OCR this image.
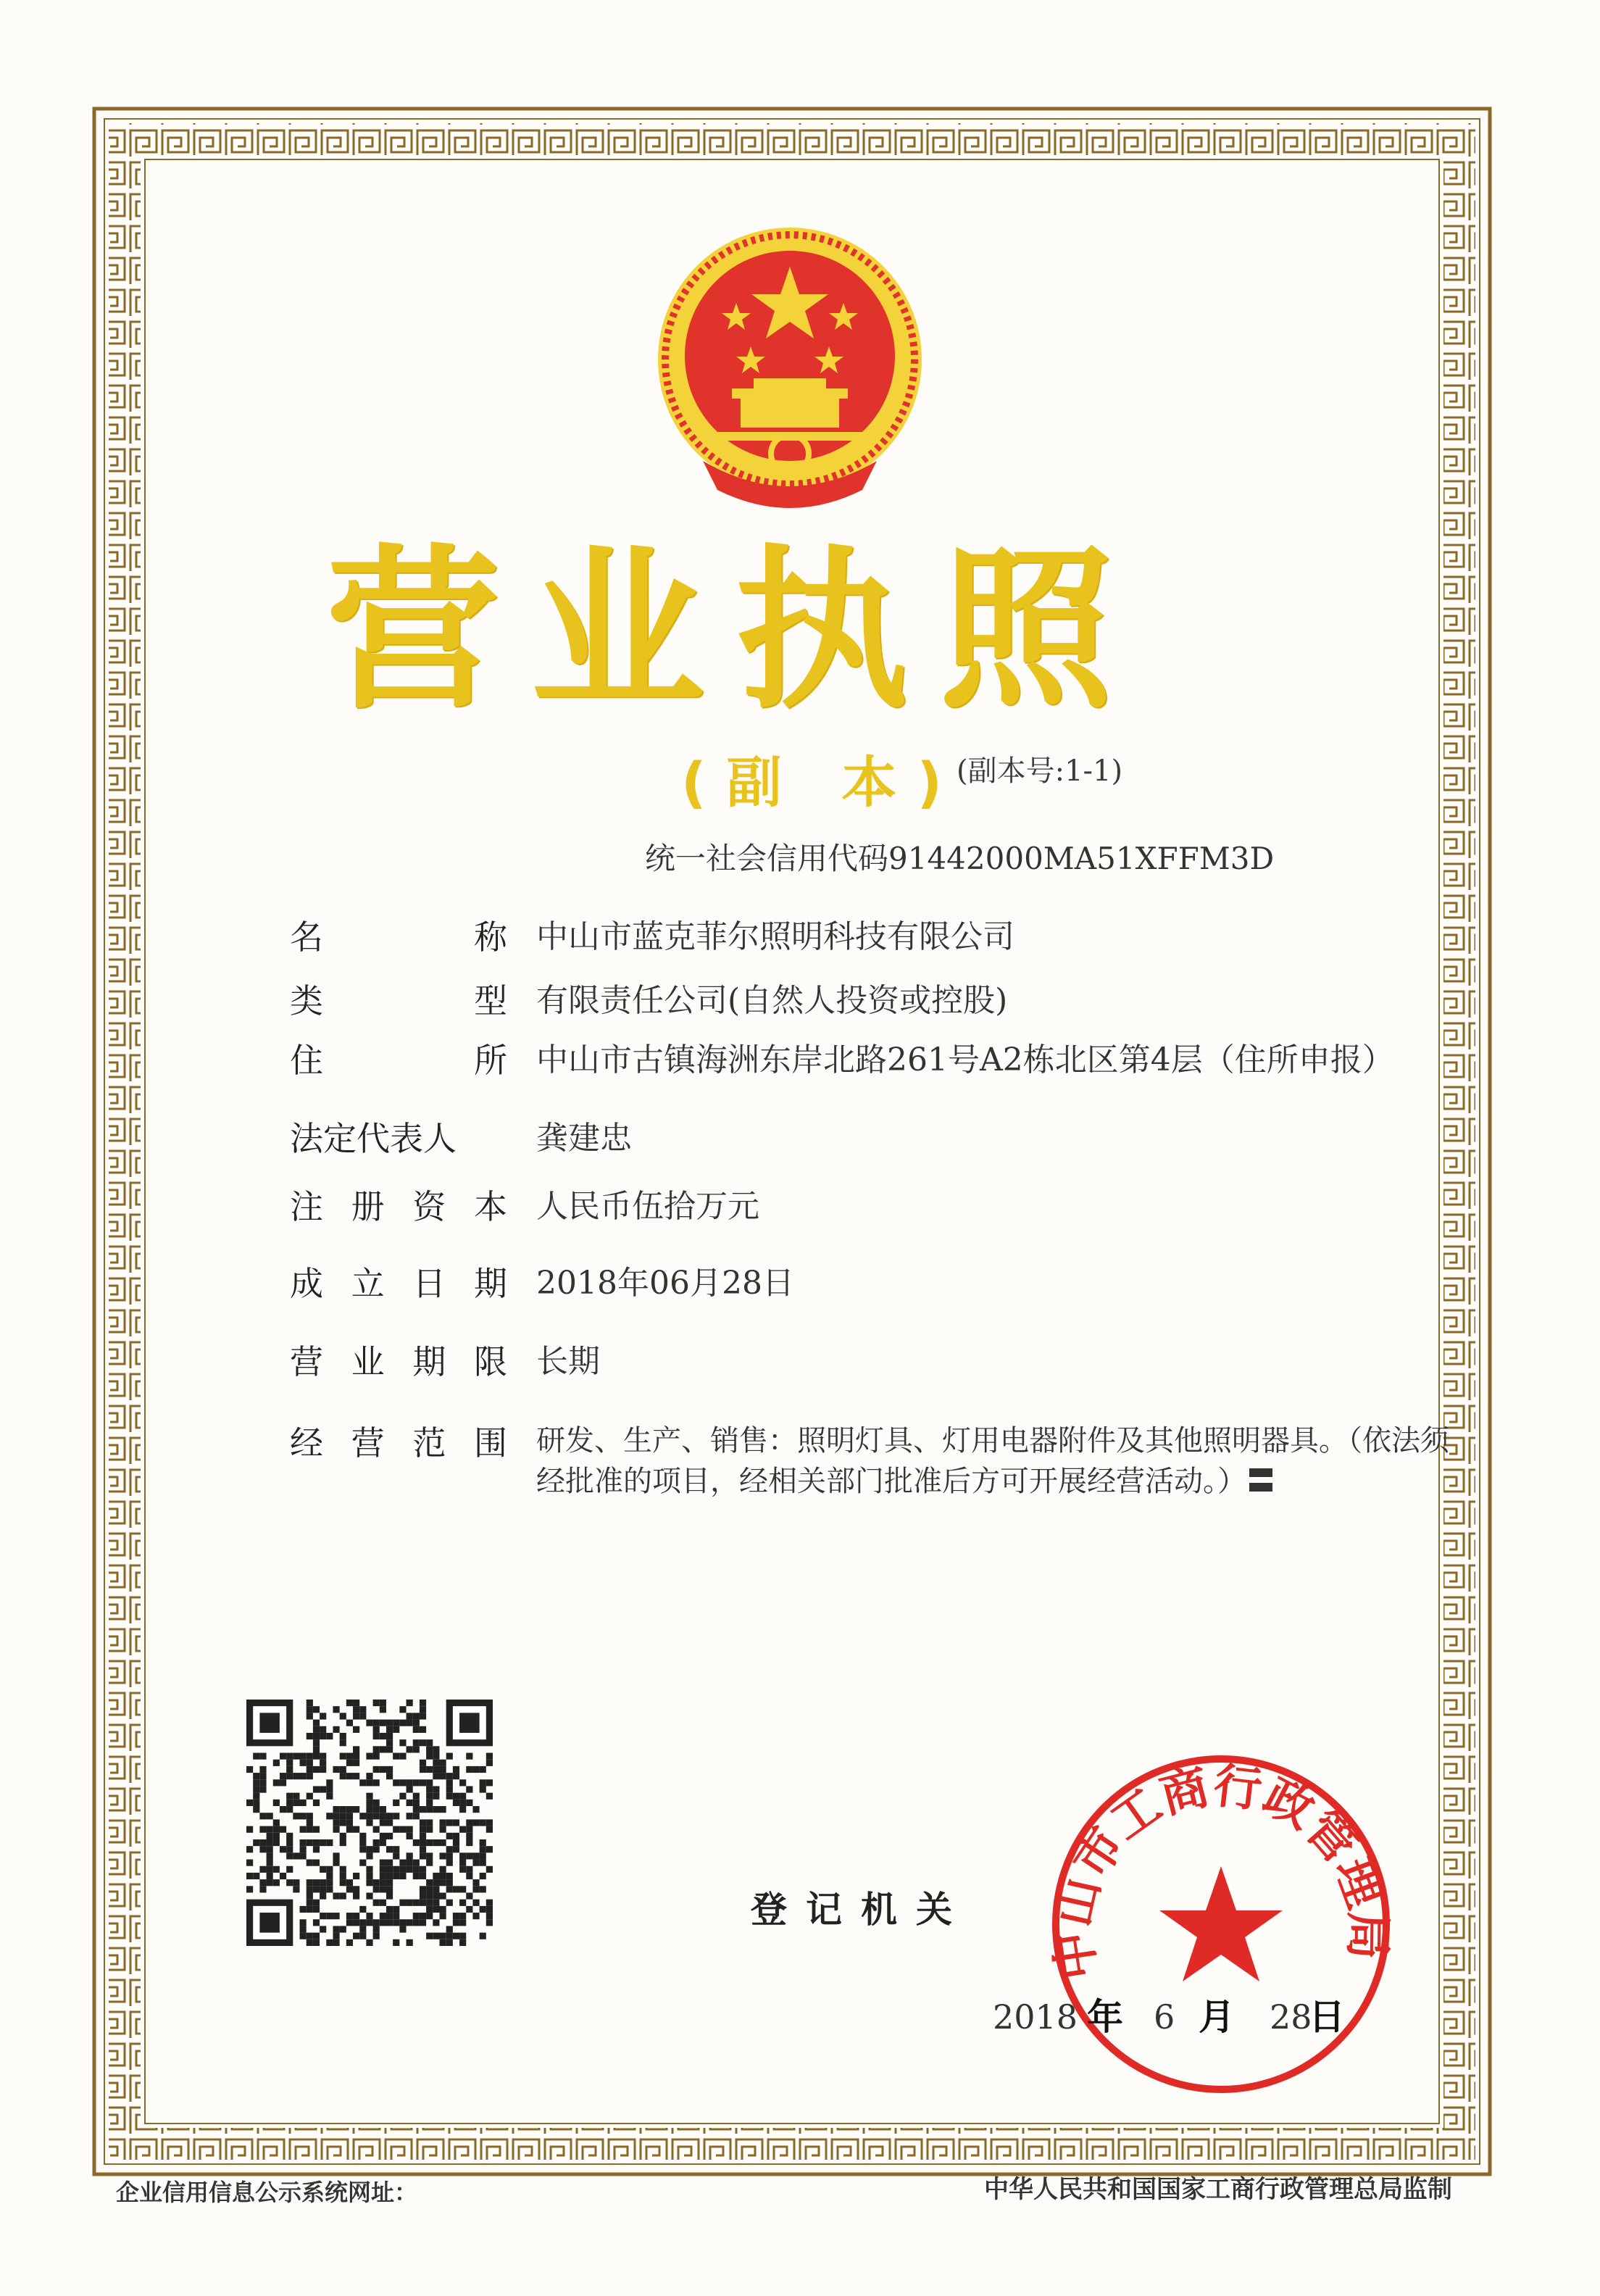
营业执照
(副 本)
(副本号:1-1)
统一社会信用代码91442000MA51XFFM3D
名	称 中山市蓝克菲尔照明科技有限公司
类	型 有限责任公司(自然人投资或控股)
住	所 中山市古镇海洲东岸北路261号A2栋北区第4层（住所申报）
法定代表人	龚建忠
注 册 资 本 人民币伍拾万元
成 立 日 期 2018年06月28日
营 业 期 限 长期
经 营 范 围 研发、生产、销售：照明灯具、灯用电器附件及其他照明器具。（依法须经批准的项目，经相关部门批准后方可开展经营活动。）〓
登记机关
中山市工商行政管理局
2018 年 6 月 28
日
企业信用信息公示系统网址：	中华人民共和国国家工商行政管理总局监制
